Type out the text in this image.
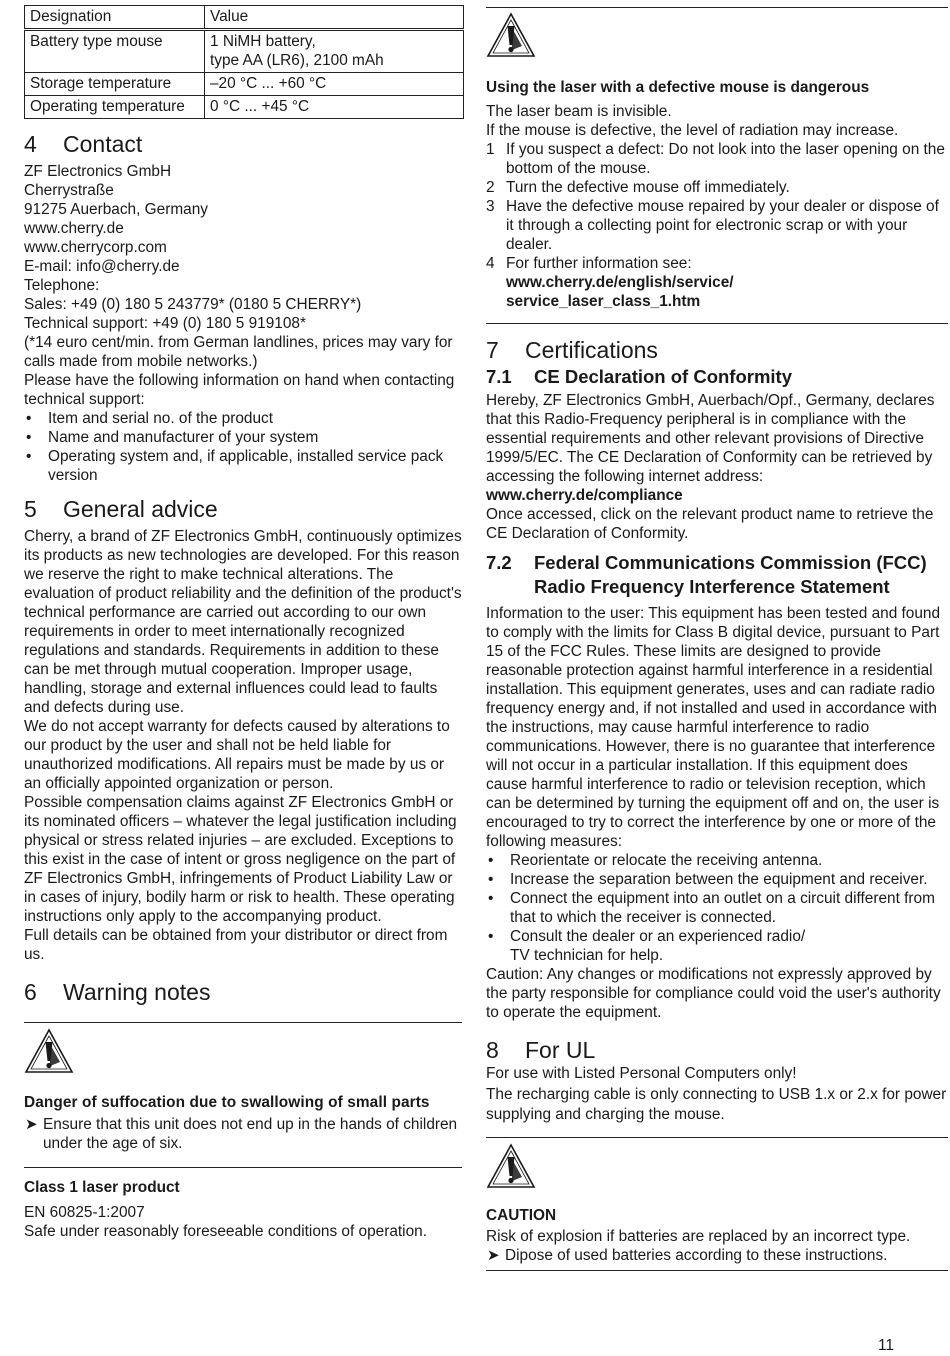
Designation	Value
Battery type mouse	1 NiMH battery,
type AA (LR6), 2100 mAh
Storage temperature	–20 °C ... +60 °C
Operating temperature	0 °C ... +45 °C
4 Contact

ZF Electronics GmbH

Cherrystraße

91275 Auerbach, Germany

www.cherry.de

www.cherrycorp.com

E-mail: info@cherry.de

Telephone:

Sales: +49 (0) 180 5 243779* (0180 5 CHERRY*)

Technical support: +49 (0) 180 5 919108*

(*14 euro cent/min. from German landlines, prices may vary for calls made from mobile networks.)

Please have the following information on hand when contacting technical support:

• Item and serial no. of the product
• Name and manufacturer of your system
• Operating system and, if applicable, installed service pack version
5 General advice

Cherry, a brand of ZF Electronics GmbH, continuously optimizes its products as new technologies are developed. For this reason we reserve the right to make technical alterations. The evaluation of product reliability and the definition of the product's technical performance are carried out according to our own requirements in order to meet internationally recognized regulations and standards. Requirements in addition to these can be met through mutual cooperation. Improper usage, handling, storage and external influences could lead to faults and defects during use.

We do not accept warranty for defects caused by alterations to our product by the user and shall not be held liable for unauthorized modifications. All repairs must be made by us or an officially appointed organization or person.

Possible compensation claims against ZF Electronics GmbH or its nominated officers – whatever the legal justification including physical or stress related injuries – are excluded. Exceptions to this exist in the case of intent or gross negligence on the part of ZF Electronics GmbH, infringements of Product Liability Law or in cases of injury, bodily harm or risk to health. These operating instructions only apply to the accompanying product.

Full details can be obtained from your distributor or direct from us.

6 Warning notes
Danger of suffocation due to swallowing of small parts
➤ Ensure that this unit does not end up in the hands of children under the age of six.
Class 1 laser product

EN 60825-1:2007

Safe under reasonably foreseeable conditions of operation.

Using the laser with a defective mouse is dangerous

The laser beam is invisible.

If the mouse is defective, the level of radiation may increase.

1 If you suspect a defect: Do not look into the laser opening on the bottom of the mouse.
2 Turn the defective mouse off immediately.
3 Have the defective mouse repaired by your dealer or dispose of it through a collecting point for electronic scrap or with your dealer.
4 For further information see:
www.cherry.de/english/service/
service_laser_class_1.htm
7 Certifications
7.1	CE Declaration of Conformity

Hereby, ZF Electronics GmbH, Auerbach/Opf., Germany, declares that this Radio-Frequency peripheral is in compliance with the essential requirements and other relevant provisions of Directive 1999/5/EC. The CE Declaration of Conformity can be retrieved by accessing the following internet address:

www.cherry.de/compliance

Once accessed, click on the relevant product name to retrieve the CE Declaration of Conformity.

7.2	Federal Communications Commission (FCC) Radio Frequency Interference Statement

Information to the user: This equipment has been tested and found to comply with the limits for Class B digital device, pursuant to Part 15 of the FCC Rules. These limits are designed to provide reasonable protection against harmful interference in a residential installation. This equipment generates, uses and can radiate radio frequency energy and, if not installed and used in accordance with the instructions, may cause harmful interference to radio communications. However, there is no guarantee that interference will not occur in a particular installation. If this equipment does cause harmful interference to radio or television reception, which can be determined by turning the equipment off and on, the user is encouraged to try to correct the interference by one or more of the following measures:

• Reorientate or relocate the receiving antenna.
• Increase the separation between the equipment and receiver.
• Connect the equipment into an outlet on a circuit different from that to which the receiver is connected.
• Consult the dealer or an experienced radio/
TV technician for help.

Caution: Any changes or modifications not expressly approved by the party responsible for compliance could void the user's authority to operate the equipment.

8 For UL

For use with Listed Personal Computers only!

The recharging cable is only connecting to USB 1.x or 2.x for power supplying and charging the mouse.

CAUTION

Risk of explosion if batteries are replaced by an incorrect type.

➤ Dipose of used batteries according to these instructions.
11
